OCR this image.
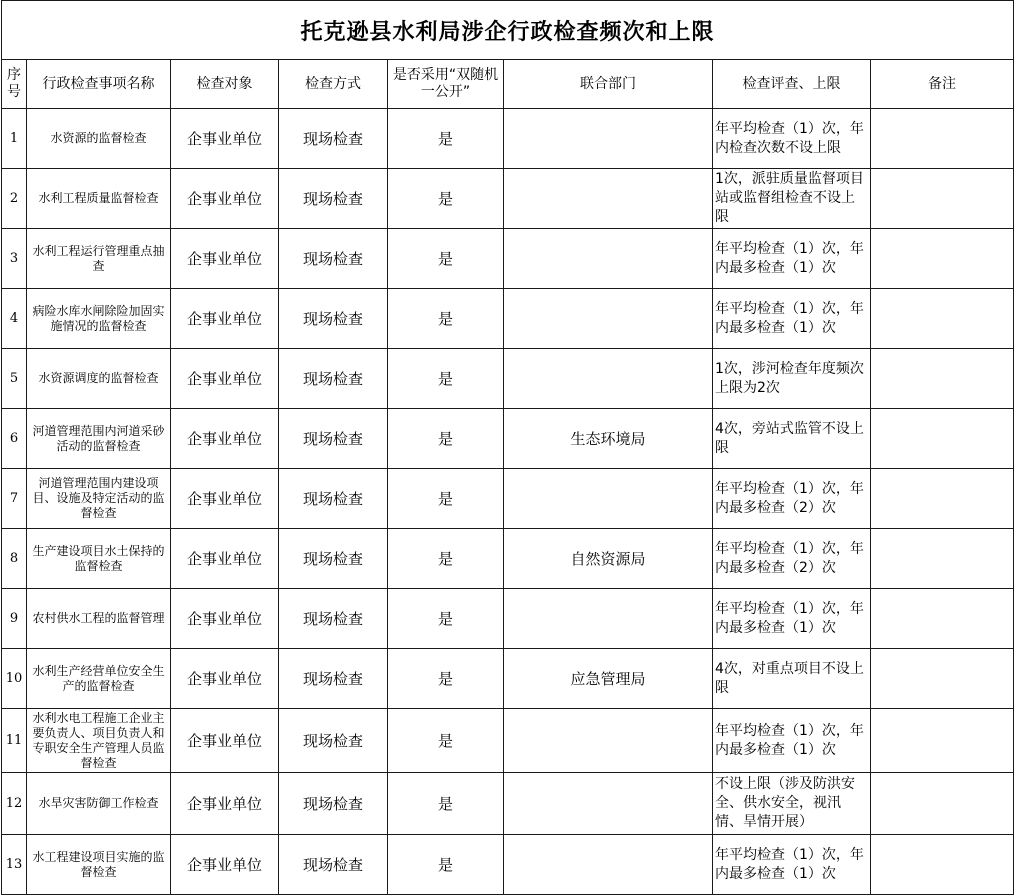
托克逊县水利局涉企行政检查频次和上限							
序号	行政检查事项名称	检查对象	检查方式	是否采用“双随机一公开”	联合部门	检查评查、上限	备注
1	水资源的监督检查	企事业单位	现场检查	是		年平均检查（1）次，年内检查次数不设上限	
2	水利工程质量监督检查	企事业单位	现场检查	是		1次，派驻质量监督项目站或监督组检查不设上限	
3	水利工程运行管理重点抽查	企事业单位	现场检查	是		年平均检查（1）次，年内最多检查（1）次	
4	病险水库水闸除险加固实施情况的监督检查	企事业单位	现场检查	是		年平均检查（1）次，年内最多检查（1）次	
5	水资源调度的监督检查	企事业单位	现场检查	是		1次，涉河检查年度频次上限为2次	
6	河道管理范围内河道采砂活动的监督检查	企事业单位	现场检查	是	生态环境局	4次，旁站式监管不设上限	
7	河道管理范围内建设项目、设施及特定活动的监督检查	企事业单位	现场检查	是		年平均检查（1）次，年内最多检查（2）次	
8	生产建设项目水土保持的监督检查	企事业单位	现场检查	是	自然资源局	年平均检查（1）次，年内最多检查（2）次	
9	农村供水工程的监督管理	企事业单位	现场检查	是		年平均检查（1）次，年内最多检查（1）次	
10	水利生产经营单位安全生产的监督检查	企事业单位	现场检查	是	应急管理局	4次，对重点项目不设上限	
11	水利水电工程施工企业主要负责人、项目负责人和专职安全生产管理人员监督检查	企事业单位	现场检查	是		年平均检查（1）次，年内最多检查（1）次	
12	水旱灾害防御工作检查	企事业单位	现场检查	是		不设上限（涉及防洪安全、供水安全，视汛情、旱情开展）	
13	水工程建设项目实施的监督检查	企事业单位	现场检查	是		年平均检查（1）次，年内最多检查（1）次	
